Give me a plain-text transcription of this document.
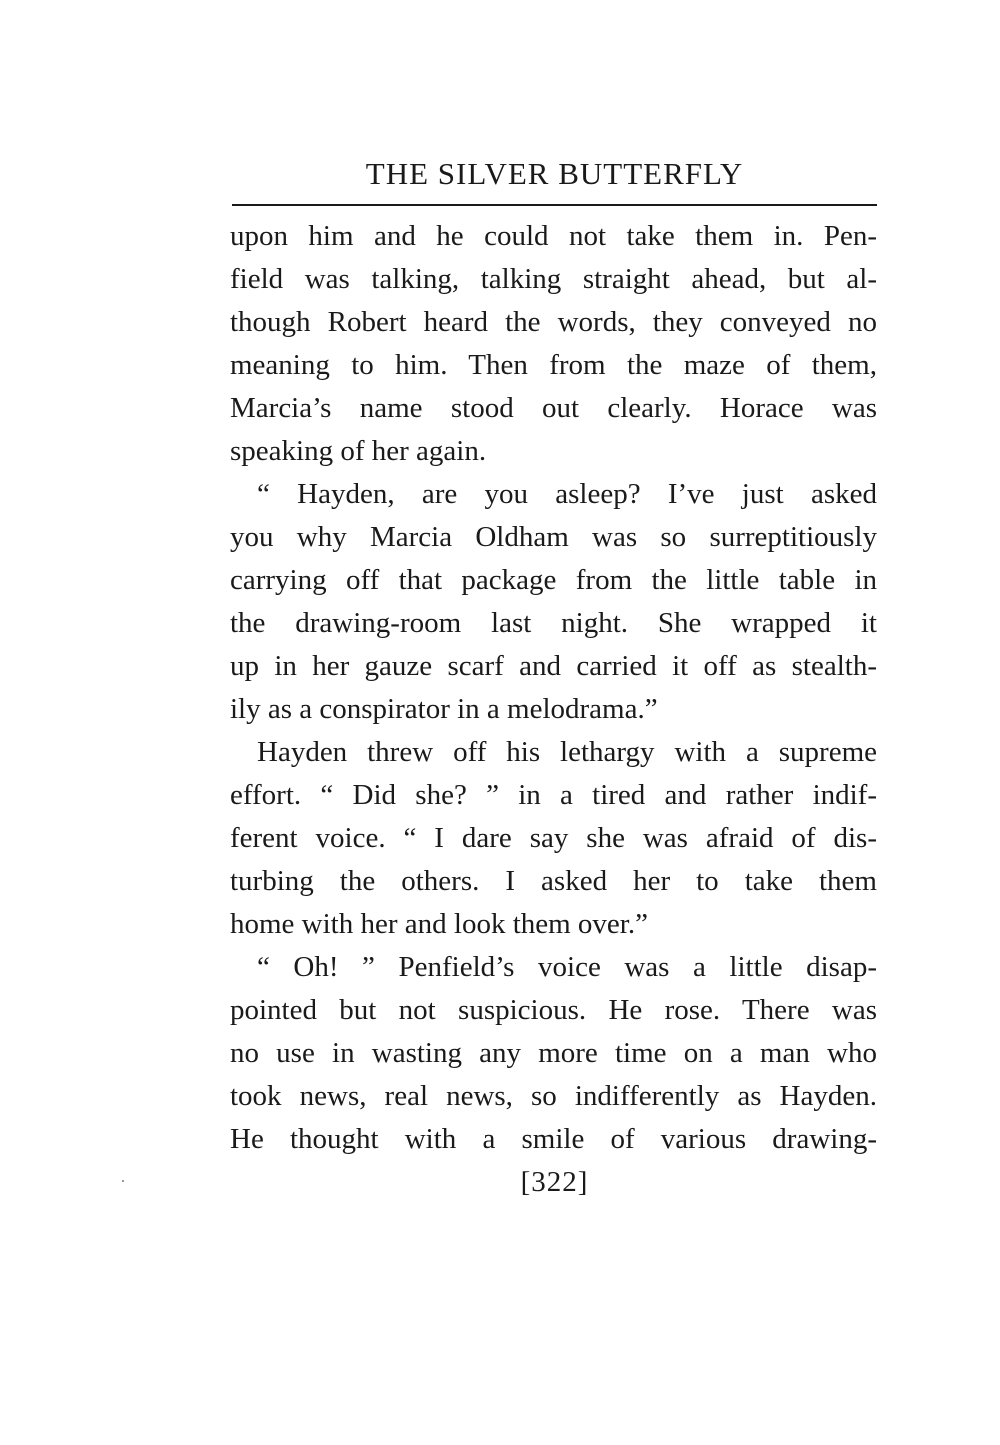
THE SILVER BUTTERFLY
upon him and he could not take them in. Pen-
field was talking, talking straight ahead, but al-
though Robert heard the words, they conveyed no
meaning to him. Then from the maze of them,
Marcia’s name stood out clearly. Horace was
speaking of her again.
“ Hayden, are you asleep? I’ve just asked
you why Marcia Oldham was so surreptitiously
carrying off that package from the little table in
the drawing-room last night. She wrapped it
up in her gauze scarf and carried it off as stealth-
ily as a conspirator in a melodrama.”
Hayden threw off his lethargy with a supreme
effort. “ Did she? ” in a tired and rather indif-
ferent voice. “ I dare say she was afraid of dis-
turbing the others. I asked her to take them
home with her and look them over.”
“ Oh! ” Penfield’s voice was a little disap-
pointed but not suspicious. He rose. There was
no use in wasting any more time on a man who
took news, real news, so indifferently as Hayden.
He thought with a smile of various drawing-
[322]
